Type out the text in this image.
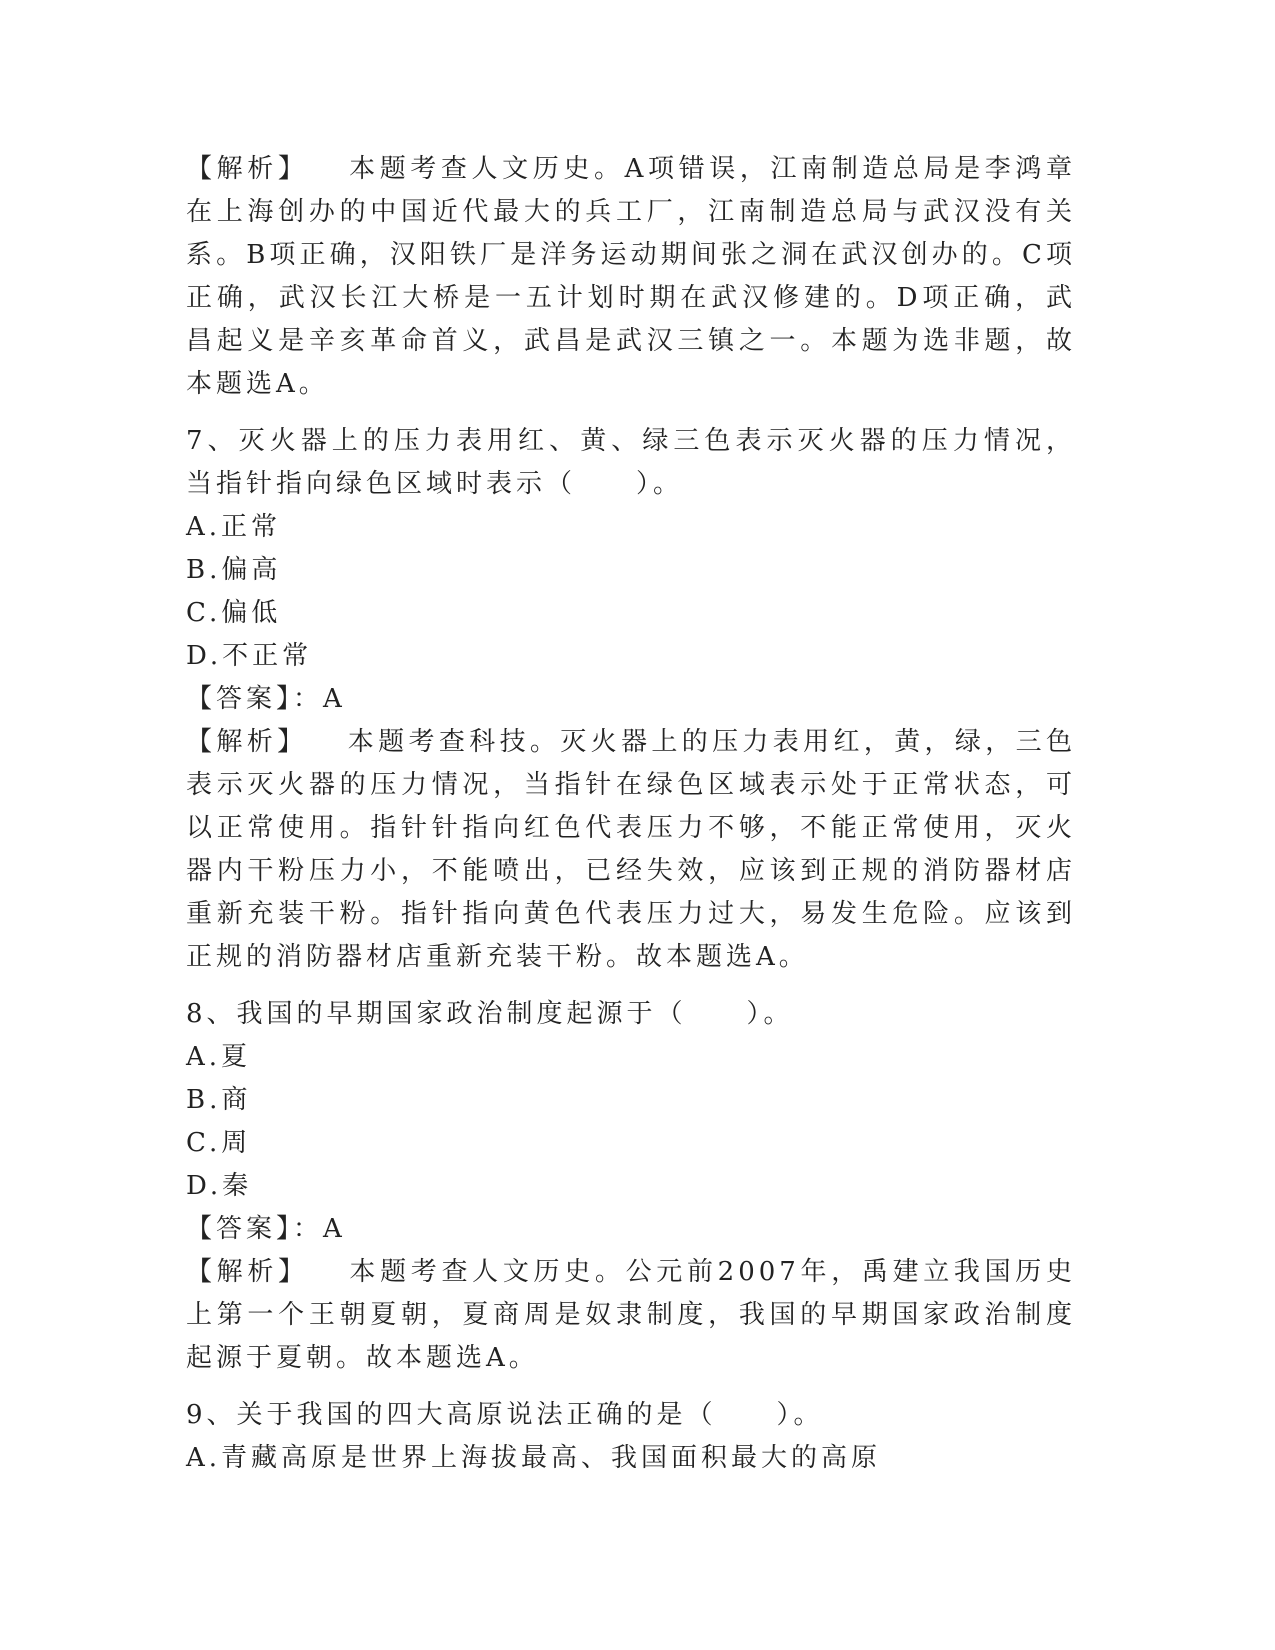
【解析】 本题考查人文历史。A项错误，江南制造总局是李鸿章在上海创办的中国近代最大的兵工厂，江南制造总局与武汉没有关系。B项正确，汉阳铁厂是洋务运动期间张之洞在武汉创办的。C项正确，武汉长江大桥是一五计划时期在武汉修建的。D项正确，武昌起义是辛亥革命首义，武昌是武汉三镇之一。本题为选非题，故本题选A。

7、灭火器上的压力表用红、黄、绿三色表示灭火器的压力情况，当指针指向绿色区域时表示（　　）。

A.正常

B.偏高

C.偏低

D.不正常

【答案】：A

【解析】 本题考查科技。灭火器上的压力表用红，黄，绿，三色表示灭火器的压力情况，当指针在绿色区域表示处于正常状态，可以正常使用。指针针指向红色代表压力不够，不能正常使用，灭火器内干粉压力小，不能喷出，已经失效，应该到正规的消防器材店重新充装干粉。指针指向黄色代表压力过大，易发生危险。应该到正规的消防器材店重新充装干粉。故本题选A。

8、我国的早期国家政治制度起源于（　　）。

A.夏

B.商

C.周

D.秦

【答案】：A

【解析】 本题考查人文历史。公元前2007年，禹建立我国历史上第一个王朝夏朝，夏商周是奴隶制度，我国的早期国家政治制度起源于夏朝。故本题选A。

9、关于我国的四大高原说法正确的是（　　）。

A.青藏高原是世界上海拔最高、我国面积最大的高原
